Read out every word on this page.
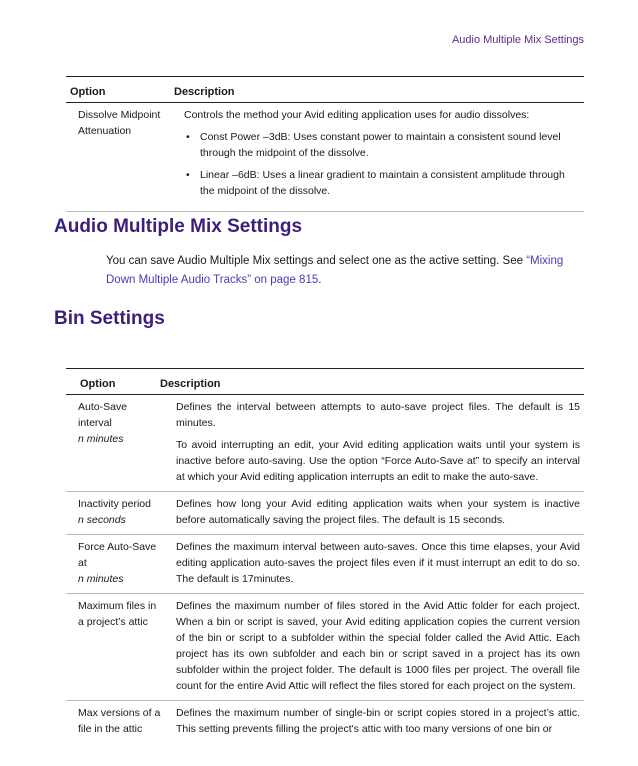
Audio Multiple Mix Settings
Option	Description
Dissolve Midpoint Attenuation

Controls the method your Avid editing application uses for audio dissolves:

• Const Power –3dB: Uses constant power to maintain a consistent sound level through the midpoint of the dissolve.
• Linear –6dB: Uses a linear gradient to maintain a consistent amplitude through the midpoint of the dissolve.
Audio Multiple Mix Settings
You can save Audio Multiple Mix settings and select one as the active setting. See “Mixing Down Multiple Audio Tracks” on page 815.
Bin Settings
Option	Description
Auto-Save interval
n minutes

Defines the interval between attempts to auto-save project files. The default is 15 minutes.

To avoid interrupting an edit, your Avid editing application waits until your system is inactive before auto-saving. Use the option “Force Auto-Save at” to specify an interval at which your Avid editing application interrupts an edit to make the auto-save.

Inactivity period
n seconds

Defines how long your Avid editing application waits when your system is inactive before automatically saving the project files. The default is 15 seconds.

Force Auto-Save at
n minutes

Defines the maximum interval between auto-saves. Once this time elapses, your Avid editing application auto-saves the project files even if it must interrupt an edit to do so. The default is 17minutes.

Maximum files in a project’s attic

Defines the maximum number of files stored in the Avid Attic folder for each project. When a bin or script is saved, your Avid editing application copies the current version of the bin or script to a subfolder within the special folder called the Avid Attic. Each project has its own subfolder and each bin or script saved in a project has its own subfolder within the project folder. The default is 1000 files per project. The overall file count for the entire Avid Attic will reflect the files stored for each project on the system.

Max versions of a file in the attic

Defines the maximum number of single-bin or script copies stored in a project’s attic. This setting prevents filling the project's attic with too many versions of one bin or
